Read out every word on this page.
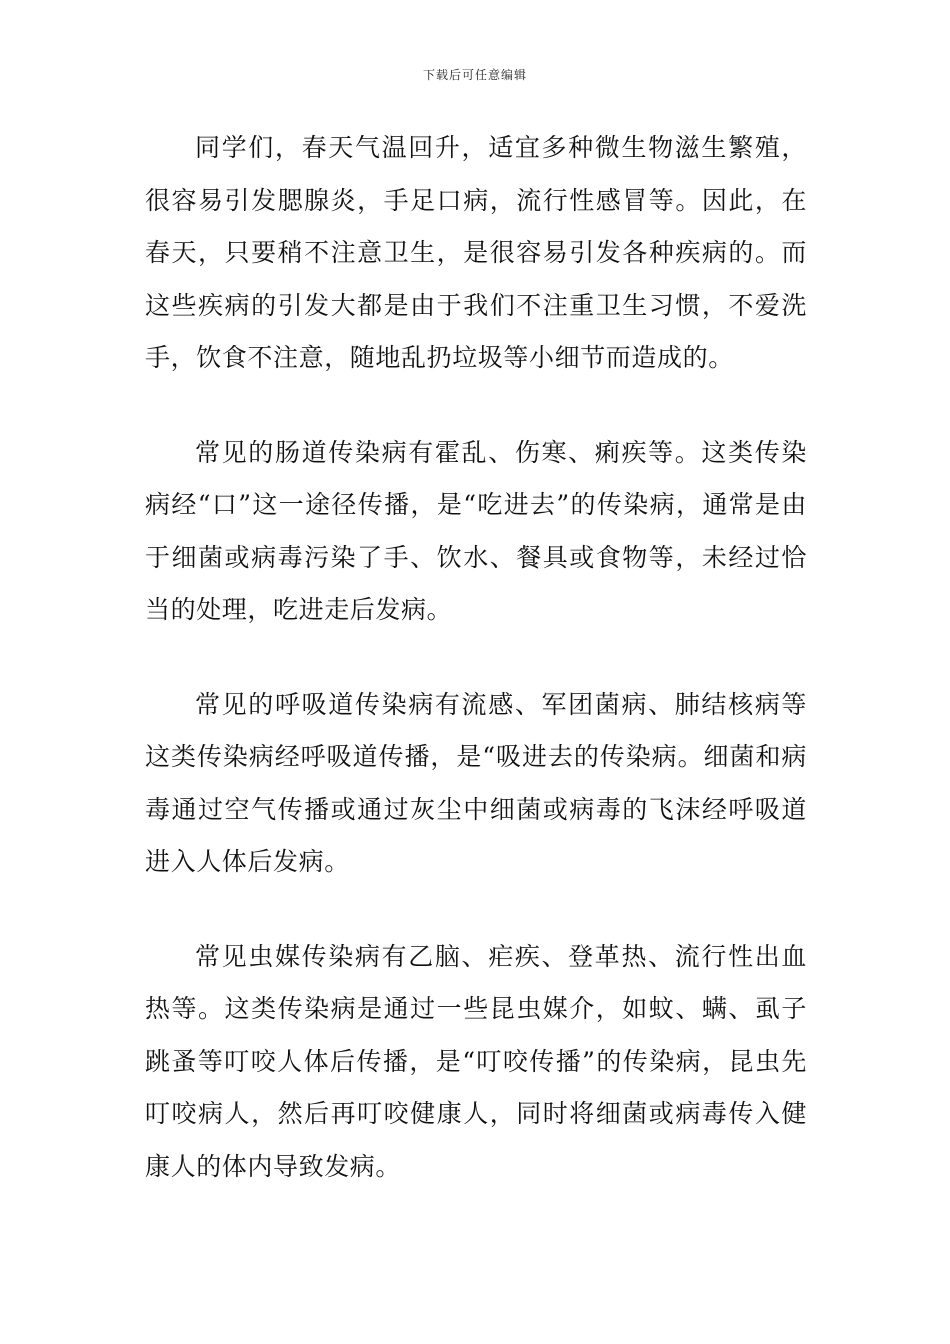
下载后可任意编辑

同学们，春天气温回升，适宜多种微生物滋生繁殖，很容易引发腮腺炎，手足口病，流行性感冒等。因此，在春天，只要稍不注意卫生，是很容易引发各种疾病的。而这些疾病的引发大都是由于我们不注重卫生习惯，不爱洗手，饮食不注意，随地乱扔垃圾等小细节而造成的。

常见的肠道传染病有霍乱、伤寒、痢疾等。这类传染病经“口”这一途径传播，是“吃进去”的传染病，通常是由于细菌或病毒污染了手、饮水、餐具或食物等，未经过恰当的处理，吃进走后发病。

常见的呼吸道传染病有流感、军团菌病、肺结核病等这类传染病经呼吸道传播，是“吸进去的传染病。细菌和病毒通过空气传播或通过灰尘中细菌或病毒的飞沫经呼吸道进入人体后发病。

常见虫媒传染病有乙脑、疟疾、登革热、流行性出血热等。这类传染病是通过一些昆虫媒介，如蚊、螨、虱子跳蚤等叮咬人体后传播，是“叮咬传播”的传染病，昆虫先叮咬病人，然后再叮咬健康人，同时将细菌或病毒传入健康人的体内导致发病。
